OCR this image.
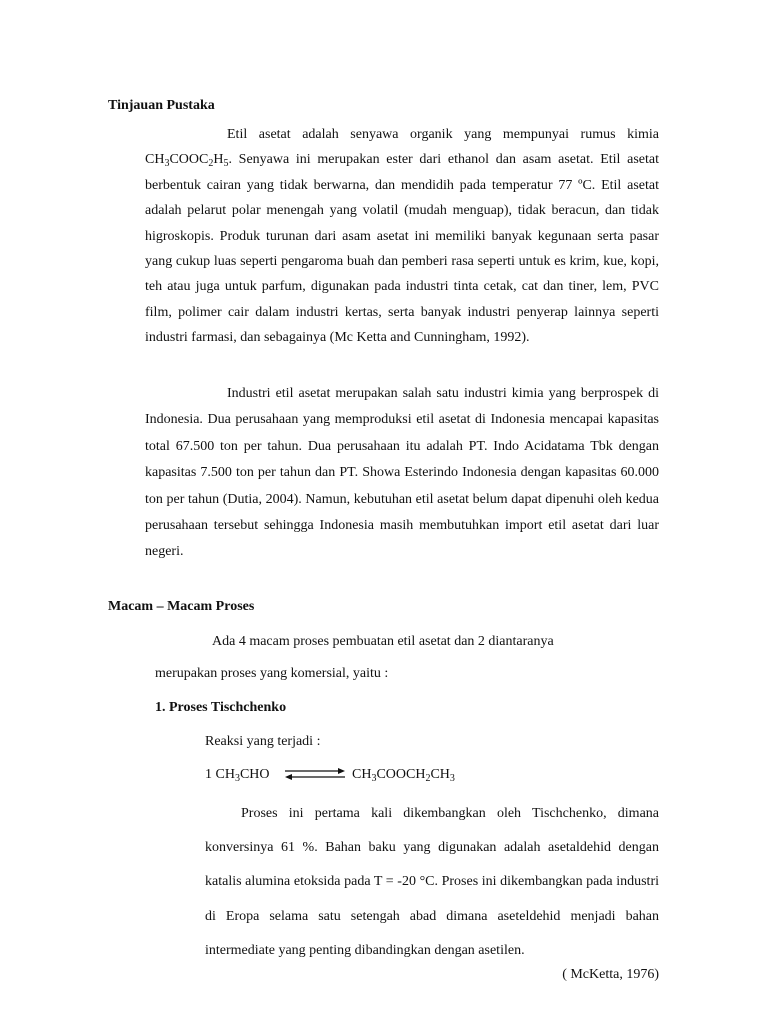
Tinjauan Pustaka
Etil asetat adalah senyawa organik yang mempunyai rumus kimia $CH_3COOC_2H_5$. Senyawa ini merupakan ester dari ethanol dan asam asetat. Etil asetat berbentuk cairan yang tidak berwarna, dan mendidih pada temperatur 77 ºC. Etil asetat adalah pelarut polar menengah yang volatil (mudah menguap), tidak beracun, dan tidak higroskopis. Produk turunan dari asam asetat ini memiliki banyak kegunaan serta pasar yang cukup luas seperti pengaroma buah dan pemberi rasa seperti untuk es krim, kue, kopi, teh atau juga untuk parfum, digunakan pada industri tinta cetak, cat dan tiner, lem, PVC film, polimer cair dalam industri kertas, serta banyak industri penyerap lainnya seperti industri farmasi, dan sebagainya (Mc Ketta and Cunningham, 1992).
Industri etil asetat merupakan salah satu industri kimia yang berprospek di Indonesia. Dua perusahaan yang memproduksi etil asetat di Indonesia mencapai kapasitas total 67.500 ton per tahun. Dua perusahaan itu adalah PT. Indo Acidatama Tbk dengan kapasitas 7.500 ton per tahun dan PT. Showa Esterindo Indonesia dengan kapasitas 60.000 ton per tahun (Dutia, 2004). Namun, kebutuhan etil asetat belum dapat dipenuhi oleh kedua perusahaan tersebut sehingga Indonesia masih membutuhkan import etil asetat dari luar negeri.
Macam – Macam Proses
Ada 4 macam proses pembuatan etil asetat dan 2 diantaranya
merupakan proses yang komersial, yaitu :
1. Proses Tischchenko
Reaksi yang terjadi :
1 $CH_3CHO$ ⇌ $CH_3COOCH_2CH_3$
Proses ini pertama kali dikembangkan oleh Tischchenko, dimana konversinya 61 %. Bahan baku yang digunakan adalah asetaldehid dengan katalis alumina etoksida pada T = -20 °C. Proses ini dikembangkan pada industri di Eropa selama satu setengah abad dimana aseteldehid menjadi bahan intermediate yang penting dibandingkan dengan asetilen.
( McKetta, 1976)
